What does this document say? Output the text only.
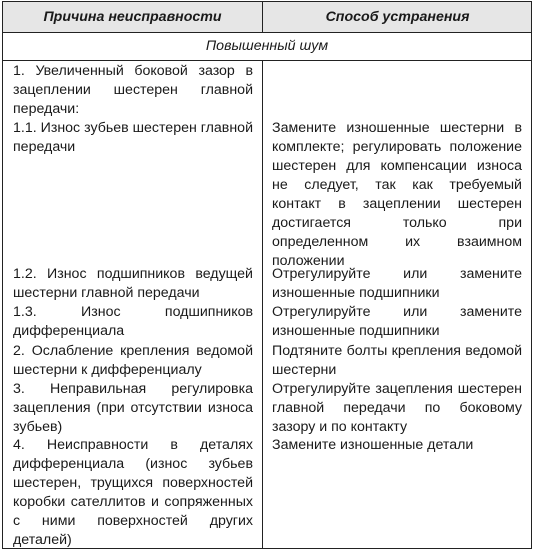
Причина неисправности	Способ устранения
Повышенный шум
1. Увеличенный боковой зазор в зацеплении шестерен главной передачи:
1.1. Износ зубьев шестерен главной передачи
Замените изношенные шестерни в комплекте; регулировать положение шестерен для компенсации износа не следует, так как требуемый контакт в зацеплении шестерен достигается только при определенном их взаимном положении
1.2. Износ подшипников ведущей шестерни главной передачи
Отрегулируйте или замените изношенные подшипники
1.3. Износ подшипников дифференциала
Отрегулируйте или замените изношенные подшипники
2. Ослабление крепления ведомой шестерни к дифференциалу
Подтяните болты крепления ведомой шестерни
3. Неправильная регулировка зацепления (при отсутствии износа зубьев)
Отрегулируйте зацепления шестерен главной передачи по боковому зазору и по контакту
4. Неисправности в деталях дифференциала (износ зубьев шестерен, трущихся поверхностей коробки сателлитов и сопряженных с ними поверхностей других деталей)
Замените изношенные детали
